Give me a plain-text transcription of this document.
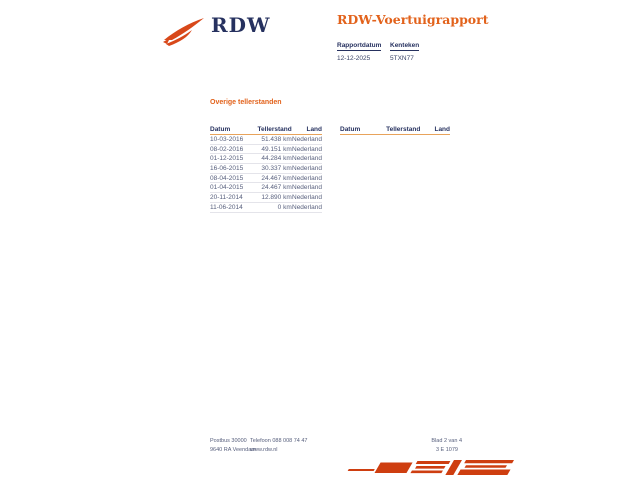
RDW	RDW-Voertuigrapport
Rapportdatum	Kenteken
12-12-2025	5TXN77
Overige tellerstanden
Datum	Tellerstand	Land
10-03-2016	51.438 km Nederland
08-02-2016	49.151 km Nederland
01-12-2015	44.284 km Nederland
16-06-2015	30.337 km Nederland
08-04-2015	24.467 km Nederland
01-04-2015	24.467 km Nederland
20-11-2014	12.890 km Nederland
11-06-2014	0 km Nederland
Datum	Tellerstand	Land
Postbus 30000
9640 RA Veendam
Telefoon 088 008 74 47
www.rdw.nl
Blad 2 van 4
3 E 1079
